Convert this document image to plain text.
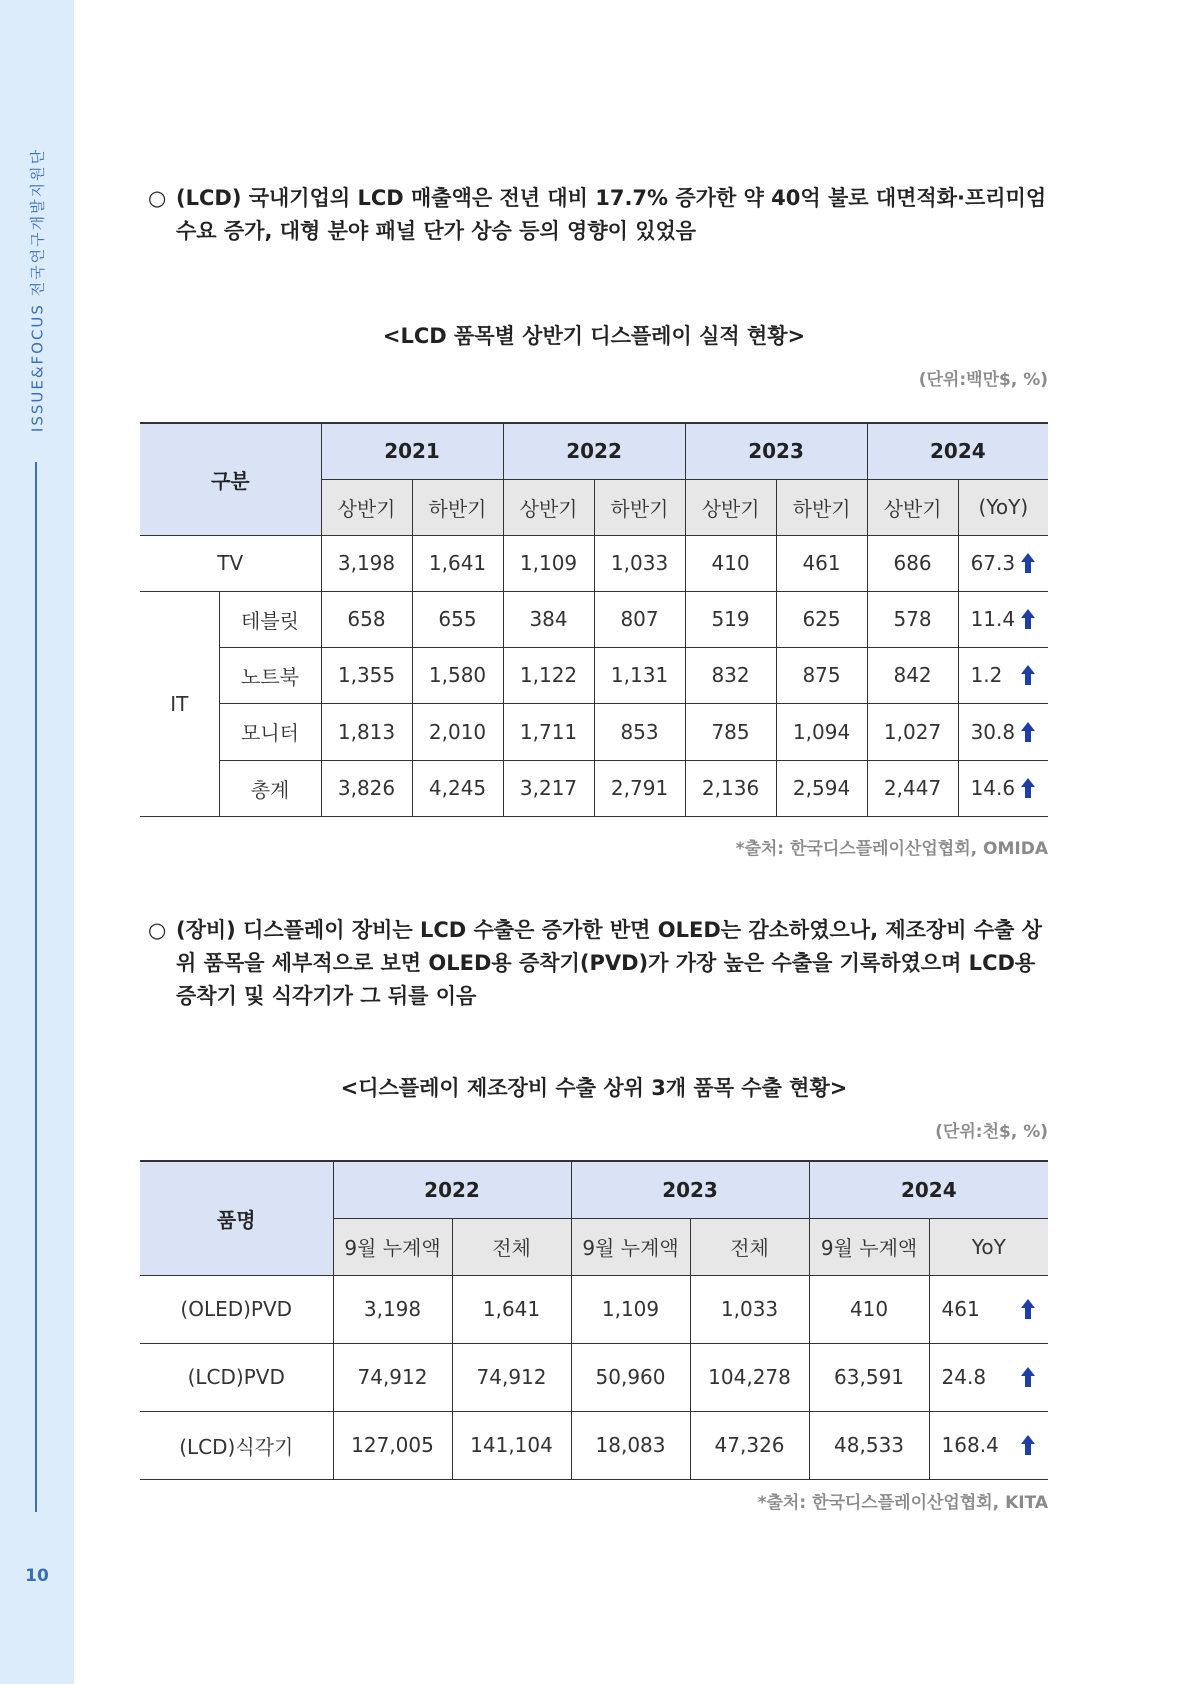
ISSUE&FOCUS 전국연구개발지원단
10
○ (LCD) 국내기업의 LCD 매출액은 전년 대비 17.7% 증가한 약 40억 불로 대면적화·프리미엄 수요 증가, 대형 분야 패널 단가 상승 등의 영향이 있었음
<LCD 품목별 상반기 디스플레이 실적 현황>
(단위:백만$, %)
구분		2021		2022		2023		2024	
		상반기	하반기	상반기	하반기	상반기	하반기	상반기	(YoY)
TV		3,198	1,641	1,109	1,033	410	461	686	67.3

IT	테블릿	658	655	384	807	519	625	578	11.4

	노트북	1,355	1,580	1,122	1,131	832	875	842	1.2

	모니터	1,813	2,010	1,711	853	785	1,094	1,027	30.8

	총계	3,826	4,245	3,217	2,791	2,136	2,594	2,447	14.6
*출처: 한국디스플레이산업협회, OMIDA
○ (장비) 디스플레이 장비는 LCD 수출은 증가한 반면 OLED는 감소하였으나, 제조장비 수출 상위 품목을 세부적으로 보면 OLED용 증착기(PVD)가 가장 높은 수출을 기록하였으며 LCD용 증착기 및 식각기가 그 뒤를 이음
<디스플레이 제조장비 수출 상위 3개 품목 수출 현황>
(단위:천$, %)
품명	2022		2023		2024	
	9월 누계액	전체	9월 누계액	전체	9월 누계액	YoY
(OLED)PVD	3,198	1,641	1,109	1,033	410	461

(LCD)PVD	74,912	74,912	50,960	104,278	63,591	24.8

(LCD)식각기	127,005	141,104	18,083	47,326	48,533	168.4
*출처: 한국디스플레이산업협회, KITA
